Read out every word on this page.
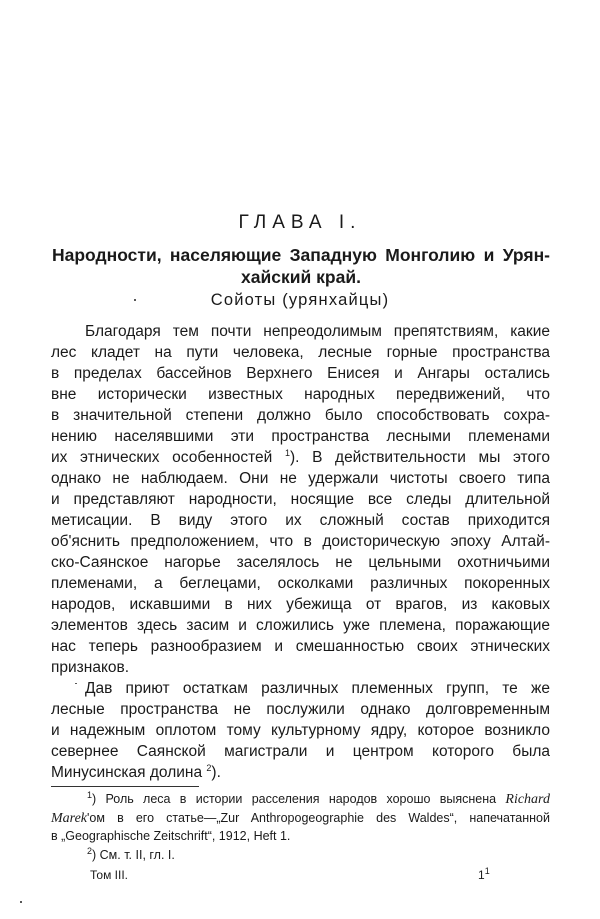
ГЛАВА I.
Народности, населяющие Западную Монголию и Урян-
хайский край.
Сойоты (урянхайцы)
Благодаря тем почти непреодолимым препятствиям, какие
лес кладет на пути человека, лесные горные пространства
в пределах бассейнов Верхнего Енисея и Ангары остались
вне исторически известных народных передвижений, что
в значительной степени должно было способствовать сохра-
нению населявшими эти пространства лесными племенами
их этнических особенностей $^1$). В действительности мы этого
однако не наблюдаем. Они не удержали чистоты своего типа
и представляют народности, носящие все следы длительной
метисации. В виду этого их сложный состав приходится
об'яснить предположением, что в доисторическую эпоху Алтай-
ско-Саянское нагорье заселялось не цельными охотничьими
племенами, а беглецами, осколками различных покоренных
народов, искавшими в них убежища от врагов, из каковых
элементов здесь засим и сложились уже племена, поражающие
нас теперь разнообразием и смешанностью своих этнических
признаков.
Дав приют остаткам различных племенных групп, те же
лесные пространства не послужили однако долговременным
и надежным оплотом тому культурному ядру, которое возникло
севернее Саянской магистрали и центром которого была
Минусинская долина $^2$).
$^1$) Роль леса в истории расселения народов хорошо выяснена Richard
Marek'ом в его статье—„Zur Anthropogeographie des Waldes“, напечатанной
в „Geographische Zeitschrift“, 1912, Heft 1.
$^2$) См. т. II, гл. I.
Том III.	$1^1$
